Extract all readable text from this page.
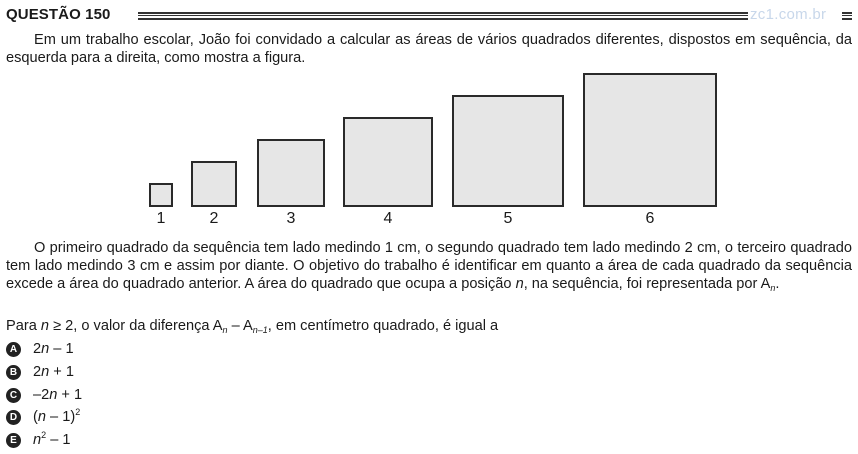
QUESTÃO 150	zc1.com.br

Em um trabalho escolar, João foi convidado a calcular as áreas de vários quadrados diferentes, dispostos em sequência, da esquerda para a direita, como mostra a figura.

1	2	3	4	5	6

O primeiro quadrado da sequência tem lado medindo 1 cm, o segundo quadrado tem lado medindo 2 cm, o terceiro quadrado tem lado medindo 3 cm e assim por diante. O objetivo do trabalho é identificar em quanto a área de cada quadrado da sequência excede a área do quadrado anterior. A área do quadrado que ocupa a posição n, na sequência, foi representada por $A_n$.

Para n ≥ 2, o valor da diferença $A_n - A_{n-1}$, em centímetro quadrado, é igual a
A 2n – 1
B 2n + 1
C –2n + 1
D (n – 1)$^2$
E $n^2 - 1$
